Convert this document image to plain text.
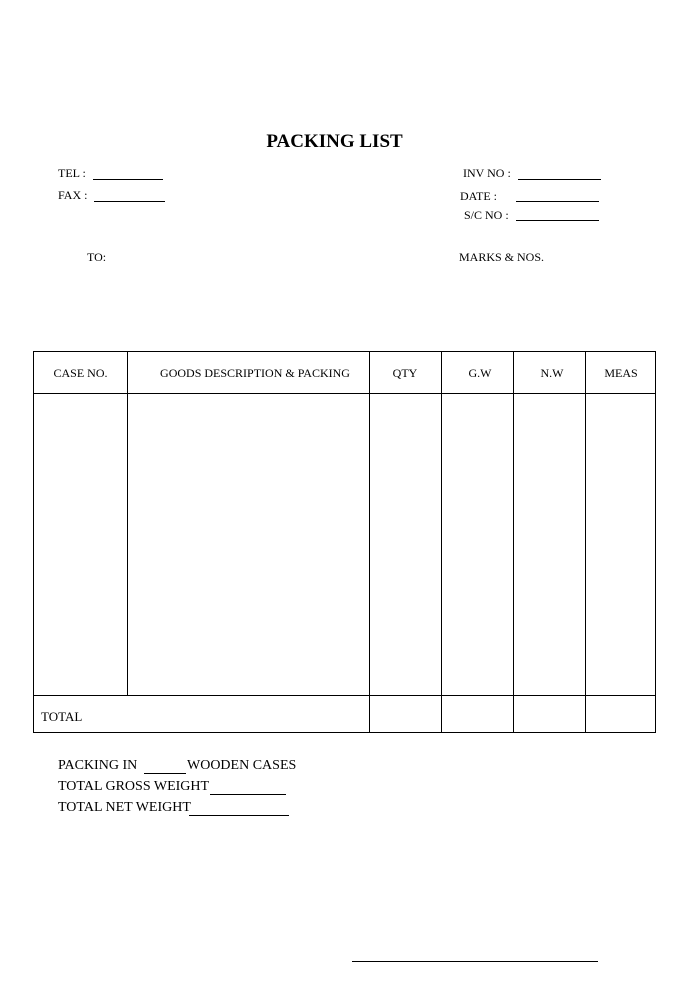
PACKING LIST
TEL :
FAX :
TO:
INV NO :
DATE :
S/C NO :
MARKS & NOS.
CASE NO.	GOODS DESCRIPTION & PACKING	QTY	G.W	N.W	MEAS
TOTAL
PACKING IN	WOODEN CASES
TOTAL GROSS WEIGHT
TOTAL NET WEIGHT
